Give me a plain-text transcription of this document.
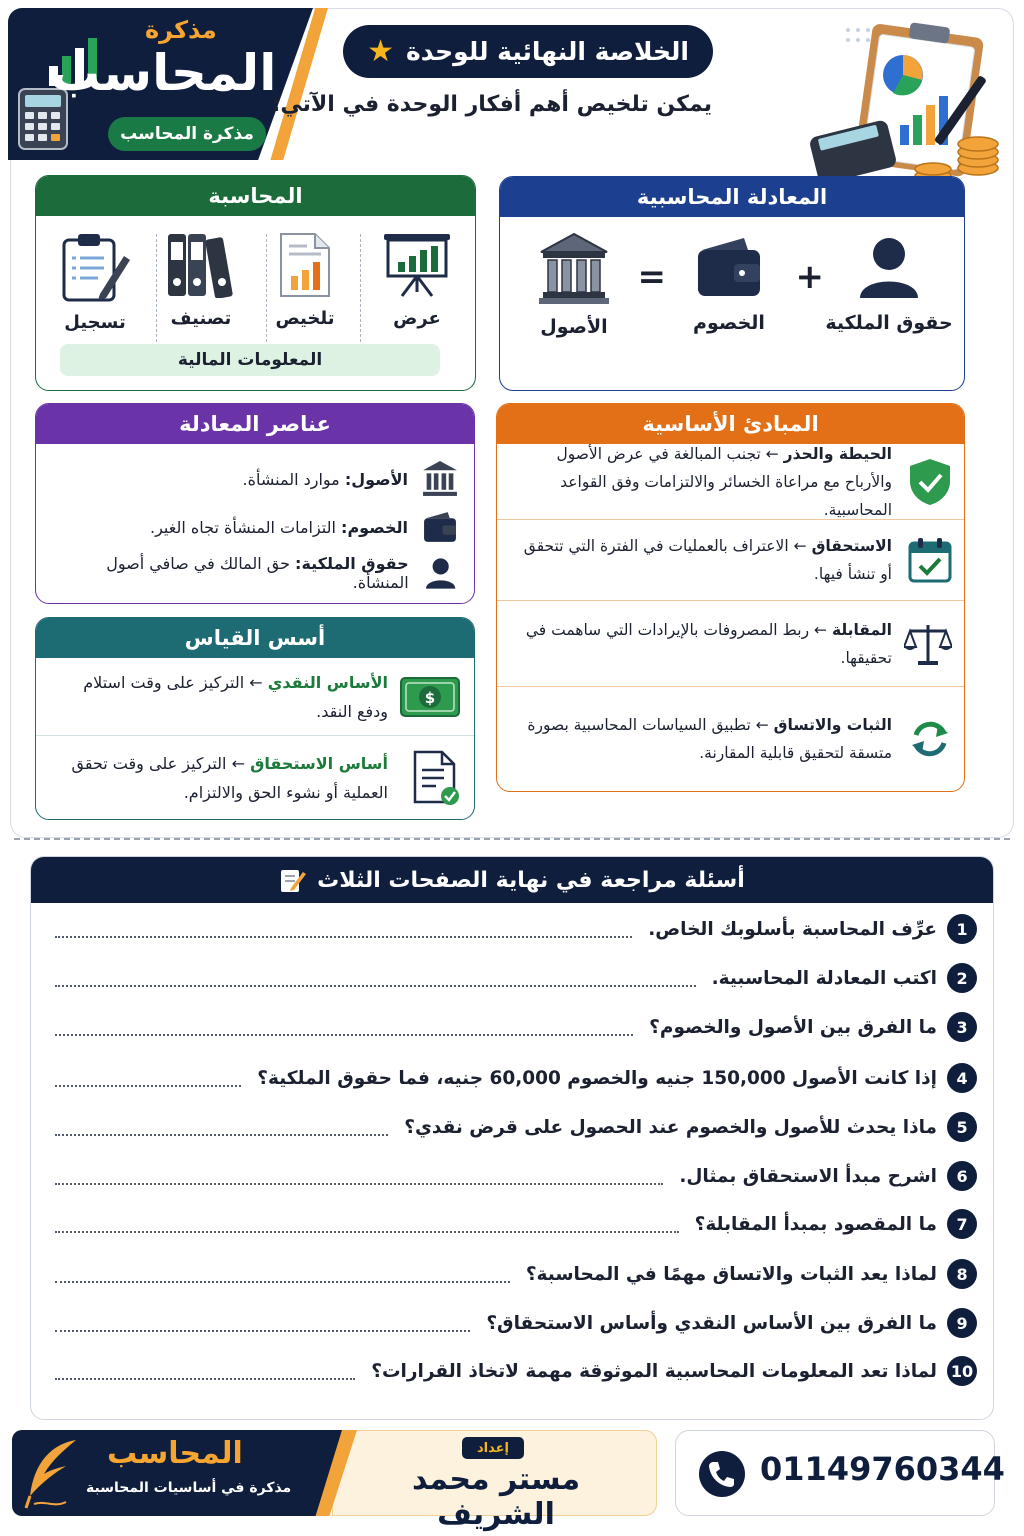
مذكرة
المحاسب
مذكرة المحاسب
الخلاصة النهائية للوحدة
★
يمكن تلخيص أهم أفكار الوحدة في الآتي:
المعادلة المحاسبية
حقوق الملكية
+
الخصوم
=
الأصول
المحاسبة
عرض
تلخيص
تصنيف
تسجيل
المعلومات المالية
المبادئ الأساسية
الحيطة والحذر ← تجنب المبالغة في عرض الأصول والأرباح مع مراعاة الخسائر والالتزامات وفق القواعد المحاسبية.
الاستحقاق ← الاعتراف بالعمليات في الفترة التي تتحقق أو تنشأ فيها.
المقابلة ← ربط المصروفات بالإيرادات التي ساهمت في تحقيقها.
الثبات والاتساق ← تطبيق السياسات المحاسبية بصورة متسقة لتحقيق قابلية المقارنة.
عناصر المعادلة
الأصول: موارد المنشأة.
الخصوم: التزامات المنشأة تجاه الغير.
حقوق الملكية: حق المالك في صافي أصول المنشأة.
أسس القياس
$
الأساس النقدي ← التركيز على وقت استلام ودفع النقد.
أساس الاستحقاق ← التركيز على وقت تحقق العملية أو نشوء الحق والالتزام.
أسئلة مراجعة في نهاية الصفحات الثلاث
1
عرِّف المحاسبة بأسلوبك الخاص.
2
اكتب المعادلة المحاسبية.
3
ما الفرق بين الأصول والخصوم؟
4
إذا كانت الأصول 150,000 جنيه والخصوم 60,000 جنيه، فما حقوق الملكية؟
5
ماذا يحدث للأصول والخصوم عند الحصول على قرض نقدي؟
6
اشرح مبدأ الاستحقاق بمثال.
7
ما المقصود بمبدأ المقابلة؟
8
لماذا يعد الثبات والاتساق مهمًا في المحاسبة؟
9
ما الفرق بين الأساس النقدي وأساس الاستحقاق؟
10
لماذا تعد المعلومات المحاسبية الموثوقة مهمة لاتخاذ القرارات؟
المحاسب
مذكرة في أساسيات المحاسبة
إعداد
مستر محمد الشريف
01149760344
